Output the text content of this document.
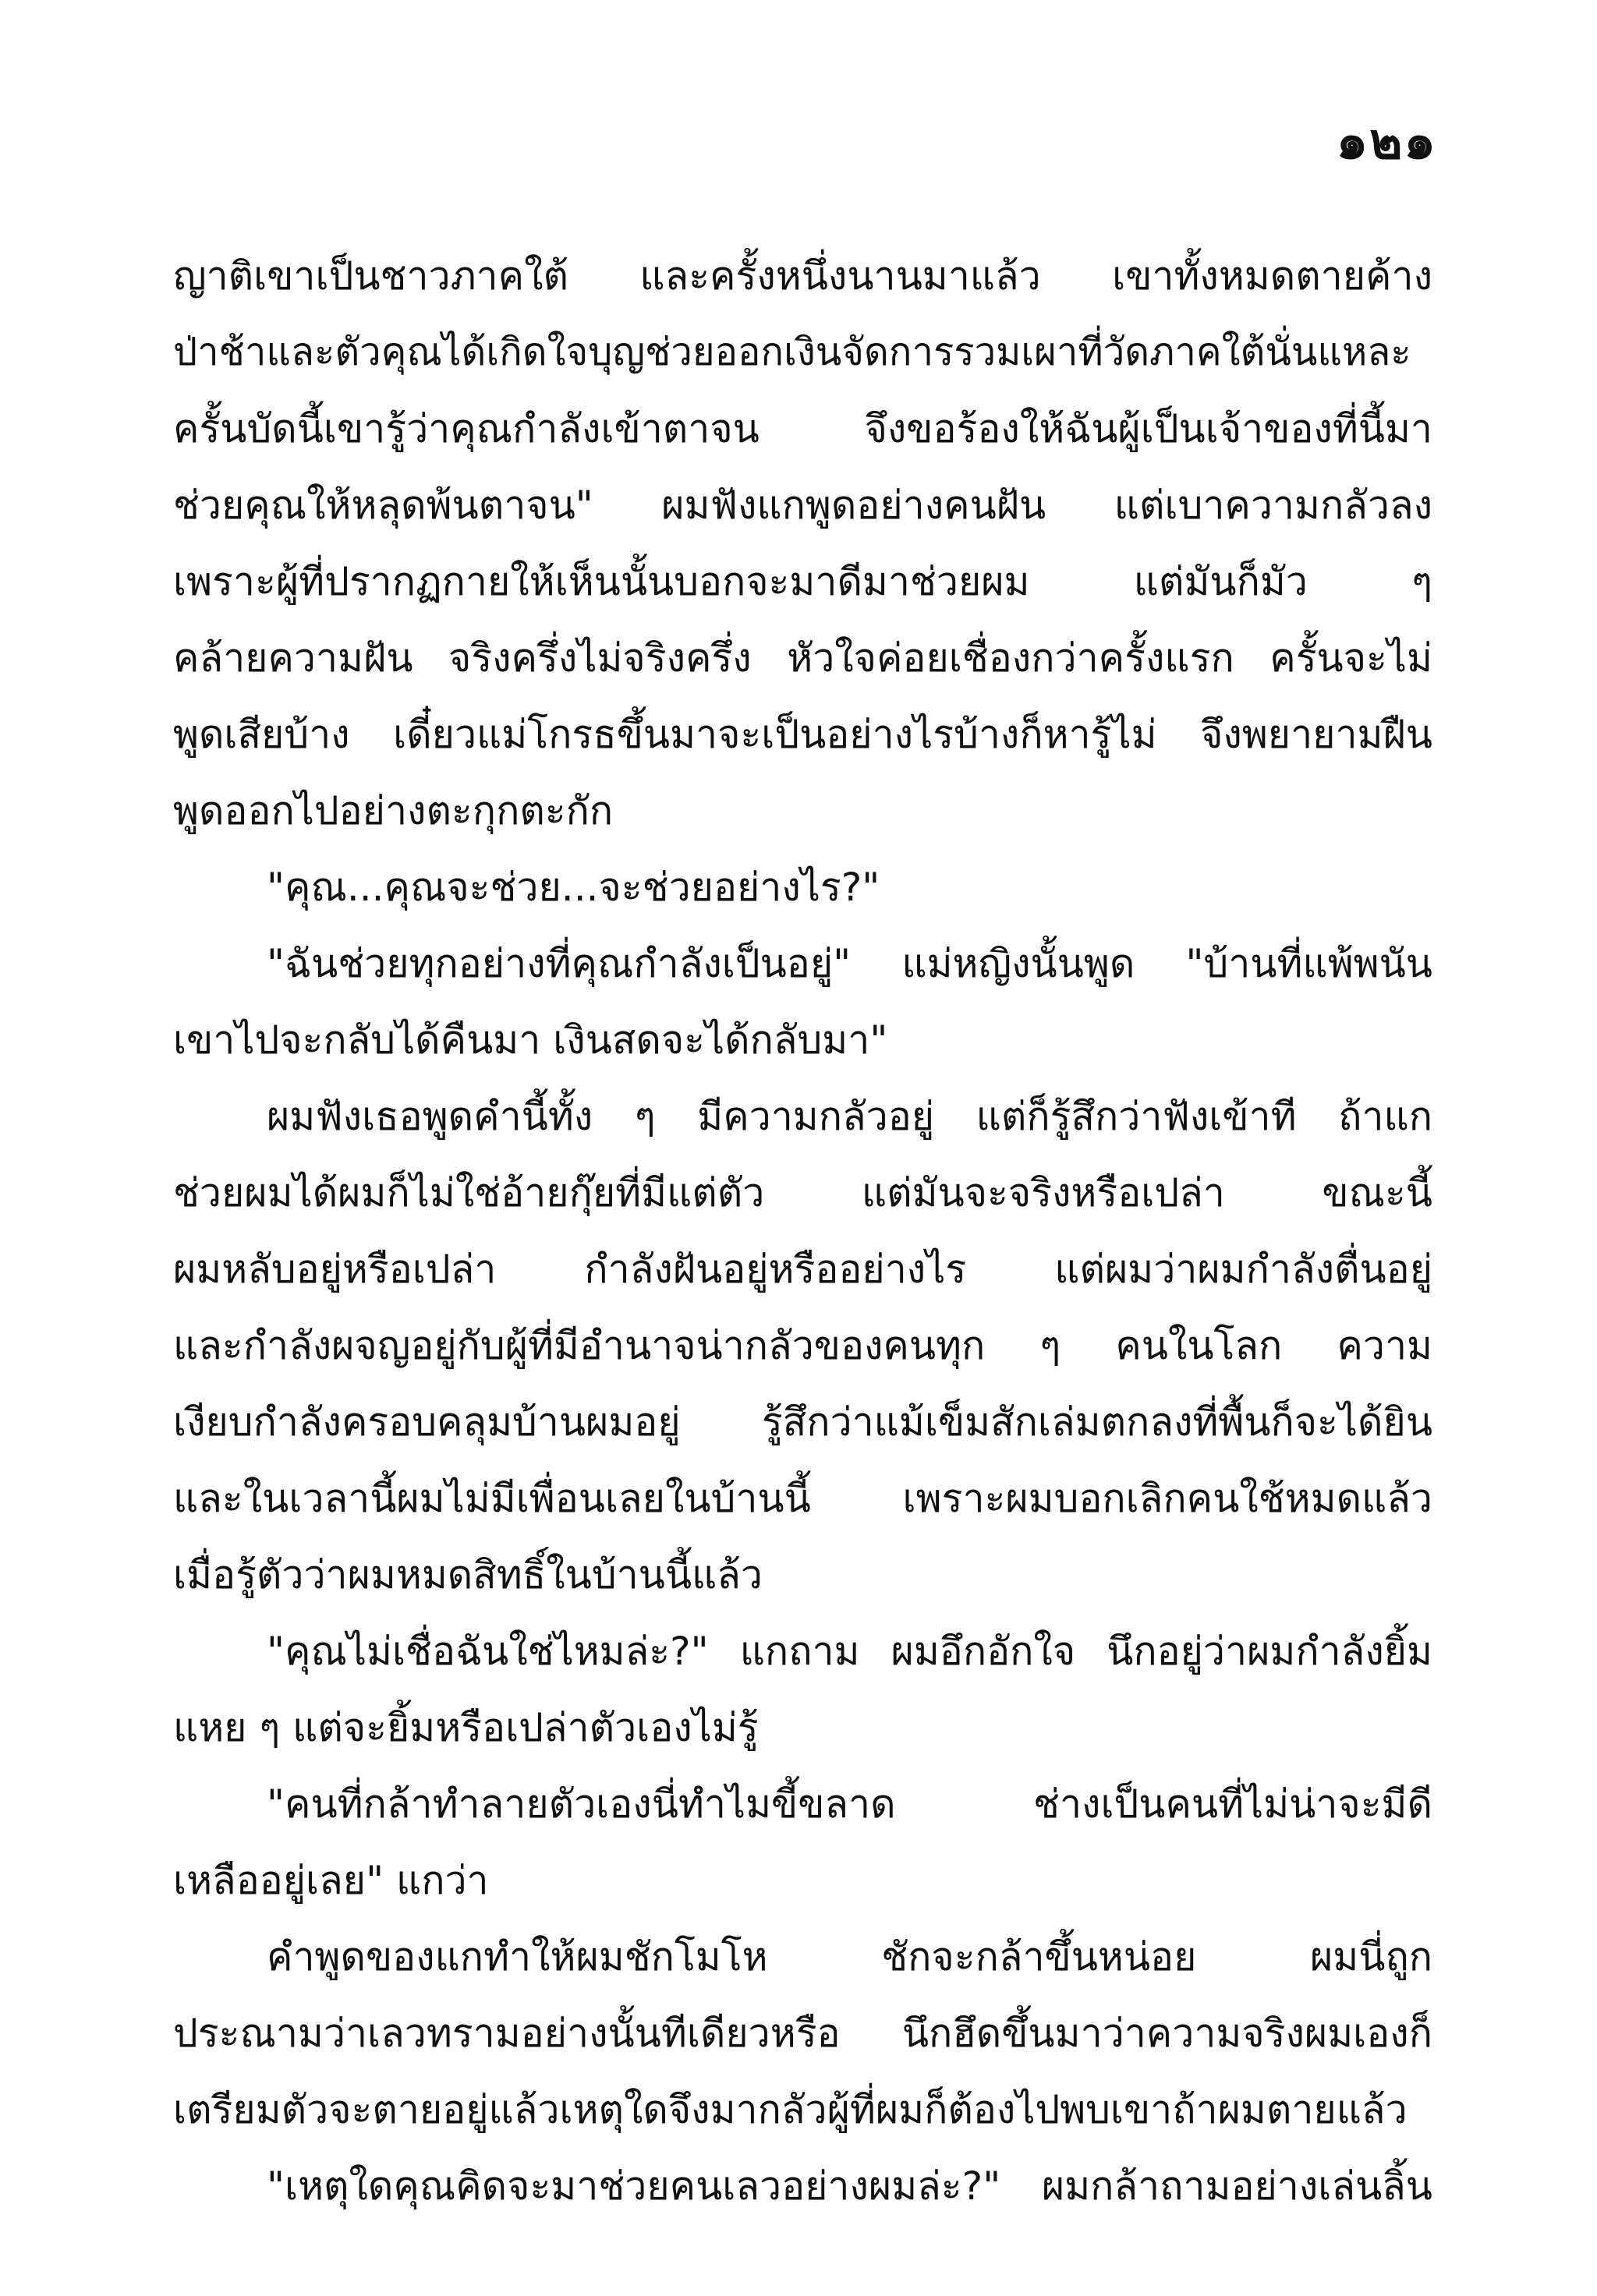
๑๒๑
ญาติเขาเป็นชาวภาคใต้ และครั้งหนึ่งนานมาแล้ว เขาทั้งหมดตายค้าง
ป่าช้าและตัวคุณได้เกิดใจบุญช่วยออกเงินจัดการรวมเผาที่วัดภาคใต้นั่นแหละ
ครั้นบัดนี้เขารู้ว่าคุณกำลังเข้าตาจน จึงขอร้องให้ฉันผู้เป็นเจ้าของที่นี้มา
ช่วยคุณให้หลุดพ้นตาจน" ผมฟังแกพูดอย่างคนฝัน แต่เบาความกลัวลง
เพราะผู้ที่ปรากฏกายให้เห็นนั้นบอกจะมาดีมาช่วยผม แต่มันก็มัว ๆ
คล้ายความฝัน จริงครึ่งไม่จริงครึ่ง หัวใจค่อยเชื่องกว่าครั้งแรก ครั้นจะไม่
พูดเสียบ้าง เดี๋ยวแม่โกรธขึ้นมาจะเป็นอย่างไรบ้างก็หารู้ไม่ จึงพยายามฝืน
พูดออกไปอย่างตะกุกตะกัก
"คุณ...คุณจะช่วย...จะช่วยอย่างไร?"
"ฉันช่วยทุกอย่างที่คุณกำลังเป็นอยู่" แม่หญิงนั้นพูด "บ้านที่แพ้พนัน
เขาไปจะกลับได้คืนมา เงินสดจะได้กลับมา"
ผมฟังเธอพูดคำนี้ทั้ง ๆ มีความกลัวอยู่ แต่ก็รู้สึกว่าฟังเข้าที ถ้าแก
ช่วยผมได้ผมก็ไม่ใช่อ้ายกุ๊ยที่มีแต่ตัว แต่มันจะจริงหรือเปล่า ขณะนี้
ผมหลับอยู่หรือเปล่า กำลังฝันอยู่หรืออย่างไร แต่ผมว่าผมกำลังตื่นอยู่
และกำลังผจญอยู่กับผู้ที่มีอำนาจน่ากลัวของคนทุก ๆ คนในโลก ความ
เงียบกำลังครอบคลุมบ้านผมอยู่ รู้สึกว่าแม้เข็มสักเล่มตกลงที่พื้นก็จะได้ยิน
และในเวลานี้ผมไม่มีเพื่อนเลยในบ้านนี้ เพราะผมบอกเลิกคนใช้หมดแล้ว
เมื่อรู้ตัวว่าผมหมดสิทธิ์ในบ้านนี้แล้ว
"คุณไม่เชื่อฉันใช่ไหมล่ะ?" แกถาม ผมอึกอักใจ นึกอยู่ว่าผมกำลังยิ้ม
แหย ๆ แต่จะยิ้มหรือเปล่าตัวเองไม่รู้
"คนที่กล้าทำลายตัวเองนี่ทำไมขี้ขลาด ช่างเป็นคนที่ไม่น่าจะมีดี
เหลืออยู่เลย" แกว่า
คำพูดของแกทำให้ผมชักโมโห ชักจะกล้าขึ้นหน่อย ผมนี่ถูก
ประณามว่าเลวทรามอย่างนั้นทีเดียวหรือ นึกฮึดขึ้นมาว่าความจริงผมเองก็
เตรียมตัวจะตายอยู่แล้วเหตุใดจึงมากลัวผู้ที่ผมก็ต้องไปพบเขาถ้าผมตายแล้ว
"เหตุใดคุณคิดจะมาช่วยคนเลวอย่างผมล่ะ?" ผมกล้าถามอย่างเล่นลิ้น
